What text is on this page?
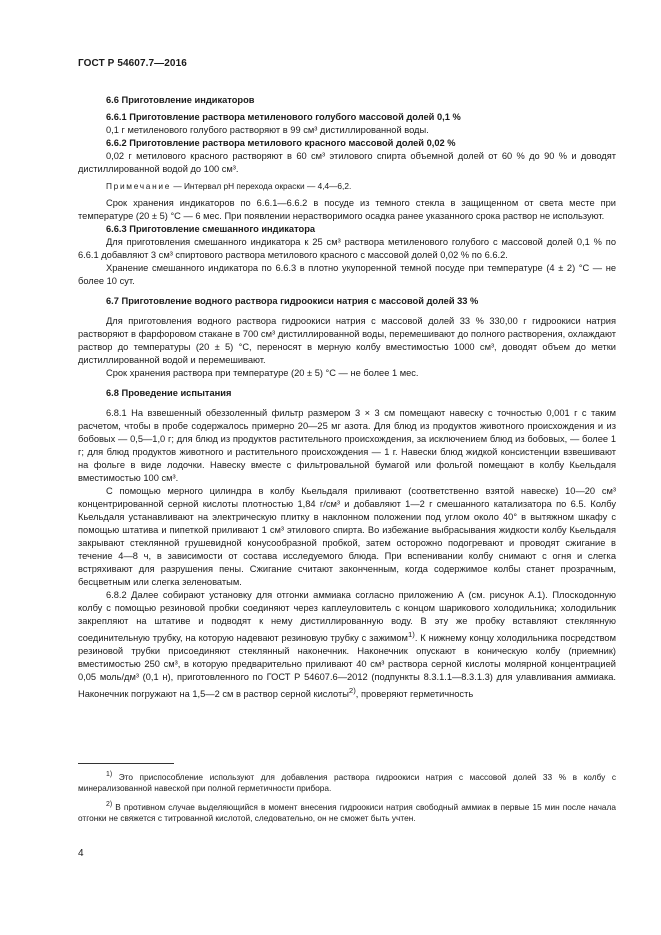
ГОСТ Р 54607.7—2016

6.6 Приготовление индикаторов

6.6.1 Приготовление раствора метиленового голубого массовой долей 0,1 %

0,1 г метиленового голубого растворяют в 99 см³ дистиллированной воды.

6.6.2 Приготовление раствора метилового красного массовой долей 0,02 %

0,02 г метилового красного растворяют в 60 см³ этилового спирта объемной долей от 60 % до 90 % и доводят дистиллированной водой до 100 см³.

Примечание — Интервал рН перехода окраски — 4,4—6,2.

Срок хранения индикаторов по 6.6.1—6.6.2 в посуде из темного стекла в защищенном от света месте при температуре (20 ± 5) °С — 6 мес. При появлении нерастворимого осадка ранее указанного срока раствор не используют.

6.6.3 Приготовление смешанного индикатора

Для приготовления смешанного индикатора к 25 см³ раствора метиленового голубого с массовой долей 0,1 % по 6.6.1 добавляют 3 см³ спиртового раствора метилового красного с массовой долей 0,02 % по 6.6.2.

Хранение смешанного индикатора по 6.6.3 в плотно укупоренной темной посуде при температуре (4 ± 2) °С — не более 10 сут.

6.7 Приготовление водного раствора гидроокиси натрия с массовой долей 33 %

Для приготовления водного раствора гидроокиси натрия с массовой долей 33 % 330,00 г гидроокиси натрия растворяют в фарфоровом стакане в 700 см³ дистиллированной воды, перемешивают до полного растворения, охлаждают раствор до температуры (20 ± 5) °С, переносят в мерную колбу вместимостью 1000 см³, доводят объем до метки дистиллированной водой и перемешивают.

Срок хранения раствора при температуре (20 ± 5) °С — не более 1 мес.

6.8 Проведение испытания

6.8.1 На взвешенный обеззоленный фильтр размером 3 × 3 см помещают навеску с точностью 0,001 г с таким расчетом, чтобы в пробе содержалось примерно 20—25 мг азота. Для блюд из продуктов животного происхождения и из бобовых — 0,5—1,0 г; для блюд из продуктов растительного происхождения, за исключением блюд из бобовых, — более 1 г; для блюд продуктов животного и растительного происхождения — 1 г. Навески блюд жидкой консистенции взвешивают на фольге в виде лодочки. Навеску вместе с фильтровальной бумагой или фольгой помещают в колбу Кьельдаля вместимостью 100 см³.

С помощью мерного цилиндра в колбу Кьельдаля приливают (соответственно взятой навеске) 10—20 см³ концентрированной серной кислоты плотностью 1,84 г/см³ и добавляют 1—2 г смешанного катализатора по 6.5. Колбу Кьельдаля устанавливают на электрическую плитку в наклонном положении под углом около 40° в вытяжном шкафу с помощью штатива и пипеткой приливают 1 см³ этилового спирта. Во избежание выбрасывания жидкости колбу Кьельдаля закрывают стеклянной грушевидной конусообразной пробкой, затем осторожно подогревают и проводят сжигание в течение 4—8 ч, в зависимости от состава исследуемого блюда. При вспенивании колбу снимают с огня и слегка встряхивают для разрушения пены. Сжигание считают законченным, когда содержимое колбы станет прозрачным, бесцветным или слегка зеленоватым.

6.8.2 Далее собирают установку для отгонки аммиака согласно приложению А (см. рисунок А.1). Плоскодонную колбу с помощью резиновой пробки соединяют через каплеуловитель с концом шарикового холодильника; холодильник закрепляют на штативе и подводят к нему дистиллированную воду. В эту же пробку вставляют стеклянную соединительную трубку, на которую надевают резиновую трубку с зажимом$^{1)}$. К нижнему концу холодильника посредством резиновой трубки присоединяют стеклянный наконечник. Наконечник опускают в коническую колбу (приемник) вместимостью 250 см³, в которую предварительно приливают 40 см³ раствора серной кислоты молярной концентрацией 0,05 моль/дм³ (0,1 н), приготовленного по ГОСТ Р 54607.6—2012 (подпункты 8.3.1.1—8.3.1.3) для улавливания аммиака. Наконечник погружают на 1,5—2 см в раствор серной кислоты$^{2)}$, проверяют герметичность

$^{1)}$ Это приспособление используют для добавления раствора гидроокиси натрия с массовой долей 33 % в колбу с минерализованной навеской при полной герметичности прибора.

$^{2)}$ В противном случае выделяющийся в момент внесения гидроокиси натрия свободный аммиак в первые 15 мин после начала отгонки не свяжется с титрованной кислотой, следовательно, он не сможет быть учтен.

4
